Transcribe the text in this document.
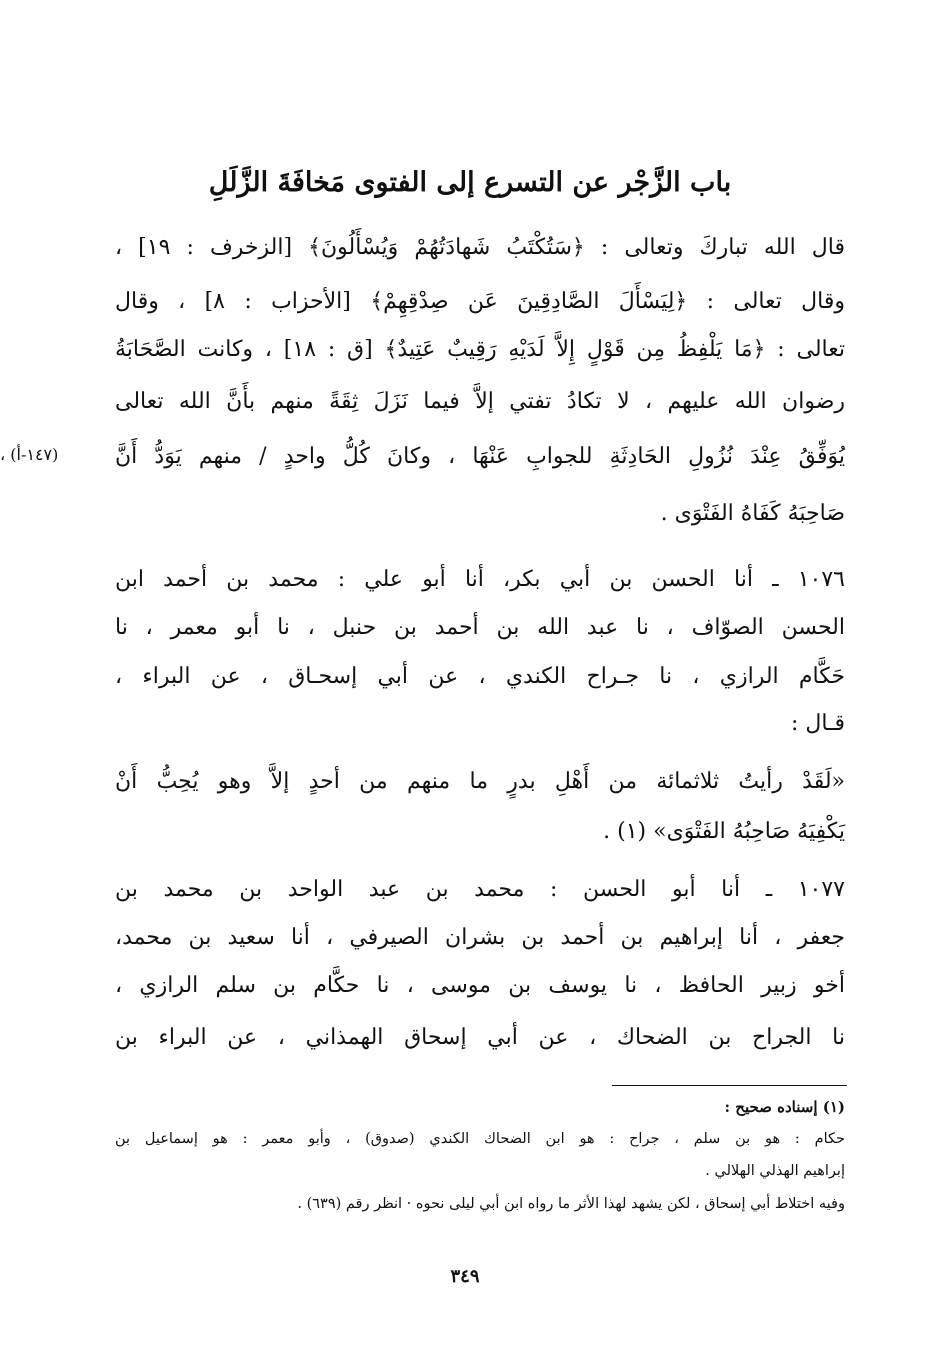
باب الزَّجْر عن التسرع إلى الفتوى مَخافَةَ الزَّلَلِ
قال الله تباركَ وتعالى : ﴿سَتُكْتَبُ شَهادَتُهُمْ وَيُسْأَلُونَ﴾ [الزخرف : ١٩] ،
وقال تعالى : ﴿لِيَسْأَلَ الصَّادِقِينَ عَن صِدْقِهِمْ﴾ [الأحزاب : ٨] ، وقال
تعالى : ﴿مَا يَلْفِظُ مِن قَوْلٍ إِلاَّ لَدَيْهِ رَقِيبٌ عَتِيدٌ﴾ [ق : ١٨] ، وكانت الصَّحَابَةُ
رضوان الله عليهم ، لا تكادُ تفتي إلاَّ فيما نَزَلَ ثِقَةً منهم بأَنَّ الله تعالى
يُوَفِّقُ عِنْدَ نُزُولِ الحَادِثَةِ للجوابِ عَنْهَا ، وكانَ كُلُّ واحدٍ / منهم يَوَدُّ أَنَّ
صَاحِبَهُ كَفَاهُ الفَتْوَى .
(١٤٧-أ) ،
١٠٧٦ ـ أنا الحسن بن أبي بكر، أنا أبو علي : محمد بن أحمد ابن
الحسن الصوّاف ، نا عبد الله بن أحمد بن حنبل ، نا أبو معمر ، نا
حَكَّام الرازي ، نا جـراح الكندي ، عن أبي إسحـاق ، عن البراء ،
قـال :
«لَقَدْ رأيتُ ثلاثمائة من أَهْلِ بدرٍ ما منهم من أحدٍ إلاَّ وهو يُحِبُّ أَنْ
يَكْفِيَهُ صَاحِبُهُ الفَتْوَى» (١) .
١٠٧٧ ـ أنا أبو الحسن : محمد بن عبد الواحد بن محمد بن
جعفر ، أنا إبراهيم بن أحمد بن بشران الصيرفي ، أنا سعيد بن محمد،
أخو زبير الحافظ ، نا يوسف بن موسى ، نا حكَّام بن سلم الرازي ،
نا الجراح بن الضحاك ، عن أبي إسحاق الهمذاني ، عن البراء بن
(١) إسناده صحيح :
حكام : هو بن سلم ، جراح : هو ابن الضحاك الكندي (صدوق) ، وأبو معمر : هو إسماعيل بن
إبراهيم الهذلي الهلالي .
وفيه اختلاط أبي إسحاق ، لكن يشهد لهذا الأثر ما رواه ابن أبي ليلى نحوه · انظر رقم (٦٣٩) .
٣٤٩
